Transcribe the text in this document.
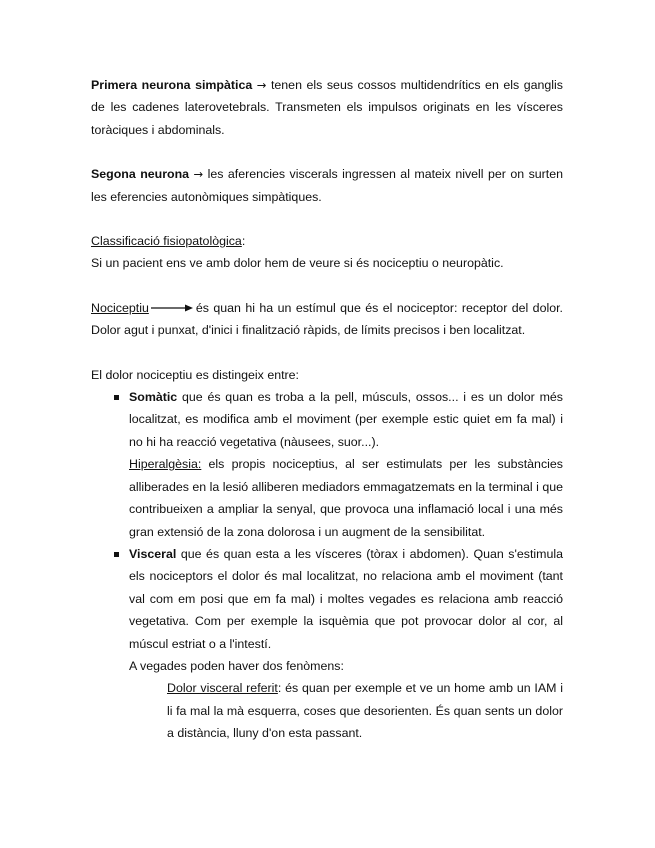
Primera neurona simpàtica → tenen els seus cossos multidendrítics en els ganglis de les cadenes laterovetebrals. Transmeten els impulsos originats en les vísceres toràciques i abdominals.

Segona neurona → les aferencies viscerals ingressen al mateix nivell per on surten les eferencies autonòmiques simpàtiques.

Classificació fisiopatològica:

Si un pacient ens ve amb dolor hem de veure si és nociceptiu o neuropàtic.

Nociceptiu	és quan hi ha un estímul que és el nociceptor: receptor del dolor. Dolor agut i punxat, d'inici i finalització ràpids, de límits precisos i ben localitzat.

El dolor nociceptiu es distingeix entre:

Somàtic que és quan es troba a la pell, músculs, ossos... i es un dolor més localitzat, es modifica amb el moviment (per exemple estic quiet em fa mal) i no hi ha reacció vegetativa (nàusees, suor...).

Hiperalgèsia: els propis nociceptius, al ser estimulats per les substàncies alliberades en la lesió alliberen mediadors emmagatzemats en la terminal i que contribueixen a ampliar la senyal, que provoca una inflamació local i una més gran extensió de la zona dolorosa i un augment de la sensibilitat.

Visceral que és quan esta a les vísceres (tòrax i abdomen). Quan s'estimula els nociceptors el dolor és mal localitzat, no relaciona amb el moviment (tant val com em posi que em fa mal) i moltes vegades es relaciona amb reacció vegetativa. Com per exemple la isquèmia que pot provocar dolor al cor, al múscul estriat o a l'intestí.

A vegades poden haver dos fenòmens:

Dolor visceral referit: és quan per exemple et ve un home amb un IAM i li fa mal la mà esquerra, coses que desorienten. És quan sents un dolor a distància, lluny d'on esta passant.
